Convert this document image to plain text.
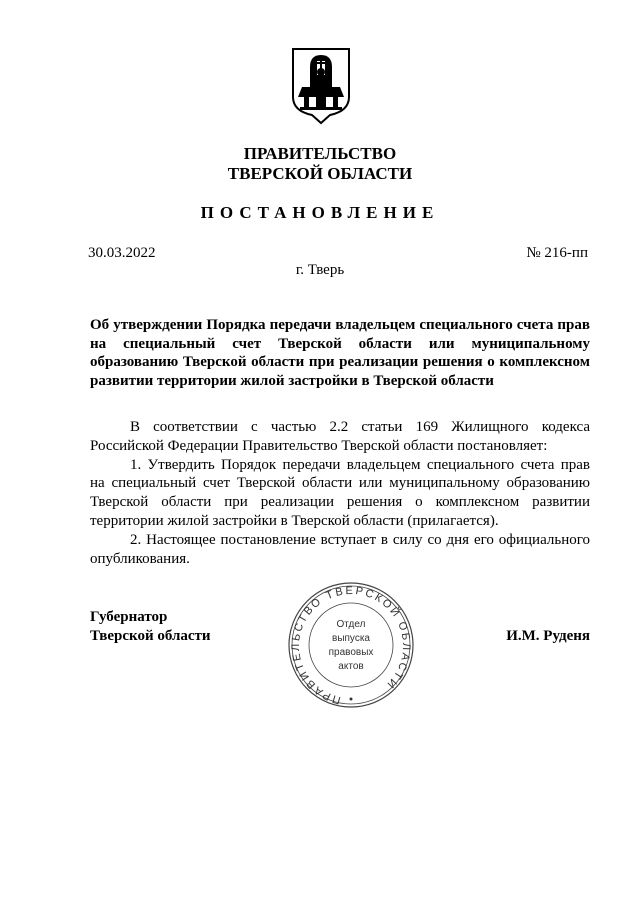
ПРАВИТЕЛЬСТВО
ТВЕРСКОЙ ОБЛАСТИ
ПОСТАНОВЛЕНИЕ
30.03.2022	№ 216-пп
г. Тверь
Об утверждении Порядка передачи владельцем специального счета прав на специальный счет Тверской области или муниципальному образованию Тверской области при реализации решения о комплексном развитии территории жилой застройки в Тверской области

В соответствии с частью 2.2 статьи 169 Жилищного кодекса Российской Федерации Правительство Тверской области постановляет:

1. Утвердить Порядок передачи владельцем специального счета прав на специальный счет Тверской области или муниципальному образованию Тверской области при реализации решения о комплексном развитии территории жилой застройки в Тверской области (прилагается).

2. Настоящее постановление вступает в силу со дня его официального опубликования.

Губернатор
Тверской области	И.М. Руденя
ПРАВИТЕЛЬСТВО ТВЕРСКОЙ ОБЛАСТИ
Отдел
выпуска
правовых
актов
